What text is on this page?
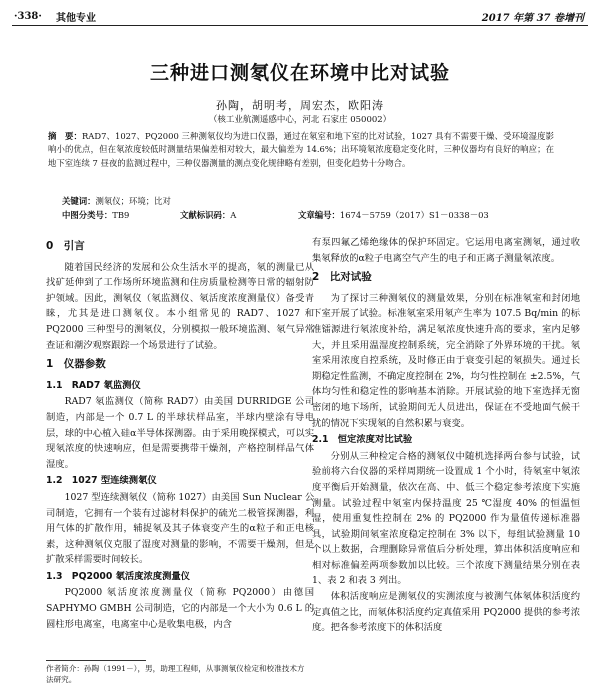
·338·	其他专业	2017 年第 37 卷增刊
三种进口测氡仪在环境中比对试验
孙陶，胡明考，周宏杰，欧阳涛
（核工业航测遥感中心，河北 石家庄 050002）
摘　要：RAD7、1027、PQ2000 三种测氡仪均为进口仪器，通过在氡室和地下室的比对试验，1027 具有不需要干燥、受环境湿度影响小的优点，但在氡浓度较低时测量结果偏差相对较大，最大偏差为 14.6%；出环境氡浓度稳定变化时，三种仪器均有良好的响应；在地下室连续 7 昼夜的监测过程中，三种仪器测量的测点变化规律略有差别，但变化趋势十分吻合。
关键词：测氡仪；环境；比对
中图分类号：TB9	文献标识码：A	文章编号：1674－5759（2017）S1－0338－03
0　引言

随着国民经济的发展和公众生活水平的提高，氡的测量已从找矿延伸到了工作场所环境监测和住房质量检测等日常的辐射防护领域。因此，测氡仪（氡监测仪、氡活度浓度测量仪）备受青睐，尤其是进口测氡仪。本小组常见的 RAD7、1027 和 PQ2000 三种型号的测氡仪，分别模拟一般环境监测、氡气异常查证和潮汐观察跟踪一个场景进行了试验。

1　仪器参数
1.1　RAD7 氡监测仪

RAD7 氡监测仪（简称 RAD7）由美国 DURRIDGE 公司制造，内部是一个 0.7 L 的半球状样品室，半球内壁涂有导电层，球的中心植入硅α半导体探测器。由于采用晚探模式，可以实现氡浓度的快速响应，但是需要携带干燥剂，产格控制样品气体湿度。

1.2　1027 型连续测氡仪

1027 型连续测氡仪（简称 1027）由美国 Sun Nuclear 公司制造，它拥有一个装有过滤材料保护的硫光二极管探测器，利用气体的扩散作用，辅捉氡及其子体衰变产生的α粒子和正电核素，这种测氡仪克服了湿度对测量的影响，不需要干燥剂，但是扩散采样需要时间较长。

1.3　PQ2000 氡活度浓度测量仪

PQ2000 氡活度浓度测量仪（简称 PQ2000）由德国 SAPHYMO GMBH 公司制造，它的内部是一个大小为 0.6 L 的圆柱形电离室，电离室中心是收集电极，内含

有泵四氟乙烯绝缘体的保护环固定。它运用电离室测氡，通过收集氡释放的α粒子电离空气产生的电子和正离子测量氡浓度。

2　比对试验

为了探讨三种测氡仪的测量效果，分别在标准氡室和封闭地下室开展了试验。标准氡室采用氡产生率为 107.5 Bq/min 的标准镭源进行氡浓度补给，满足氡浓度快速升高的要求，室内足够大，并且采用温湿度控制系统，完全消除了外界环境的干扰。氡室采用浓度自控系统，及时修正由于衰变引起的氡损失。通过长期稳定性监测，不确定度控制在 2%，均匀性控制在 ±2.5%，气体均匀性和稳定性的影响基本消除。开展试验的地下室选择无窗密闭的地下场所，试验期间无人员进出，保证在不受地面气候干扰的情况下实现氡的自然积累与衰变。

2.1　恒定浓度对比试验

分别从三种检定合格的测氡仪中随机选择两台参与试验，试验前将六台仪器的采样周期统一设置成 1 个小时，待氡室中氡浓度平衡后开始测量，依次在高、中、低三个稳定参考浓度下实施测量。试验过程中氡室内保持温度 25 ℃湿度 40% 的恒温恒湿，使用重复性控制在 2% 的 PQ2000 作为量值传递标准器具，试验期间氡室浓度稳定控制在 3% 以下，每组试验测量 10 个以上数据，合理删除异常值后分析处理，算出体积活度响应和相对标准偏差两项参数加以比较。三个浓度下测量结果分别在表 1、表 2 和表 3 列出。

体积活度响应是测氡仪的实测浓度与被测气体氡体积活度约定真值之比，而氡体积活度约定真值采用 PQ2000 提供的参考浓度。把各参考浓度下的体积活度

作者简介：孙陶（1991－），男，助理工程师，从事测氡仪检定和校准技术方法研究。
